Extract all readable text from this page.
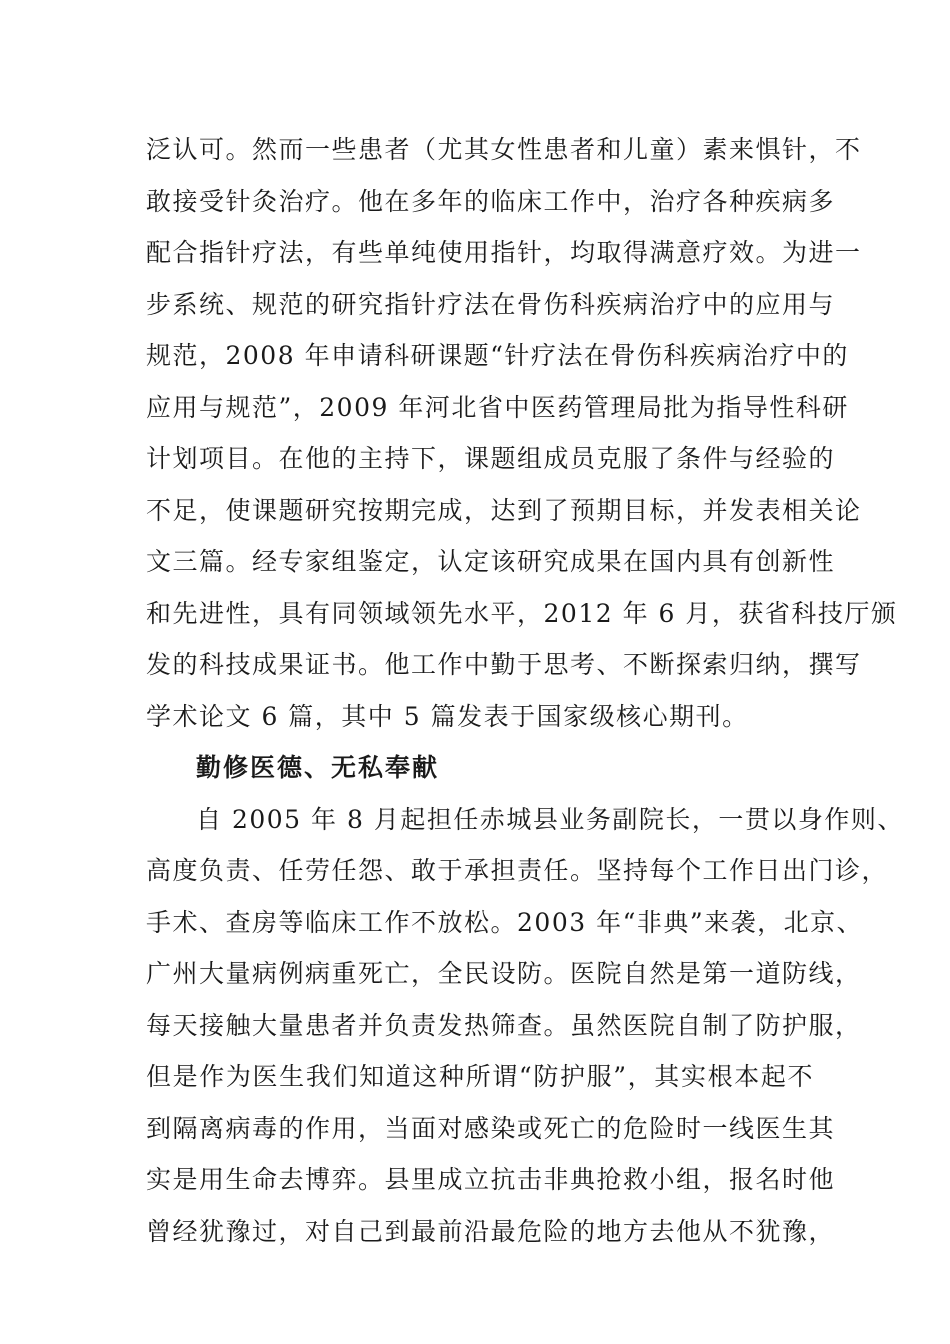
泛认可。然而一些患者（尤其女性患者和儿童）素来惧针，不
敢接受针灸治疗。他在多年的临床工作中，治疗各种疾病多
配合指针疗法，有些单纯使用指针，均取得满意疗效。为进一
步系统、规范的研究指针疗法在骨伤科疾病治疗中的应用与
规范，2008 年申请科研课题“针疗法在骨伤科疾病治疗中的
应用与规范”，2009 年河北省中医药管理局批为指导性科研
计划项目。在他的主持下，课题组成员克服了条件与经验的
不足，使课题研究按期完成，达到了预期目标，并发表相关论
文三篇。经专家组鉴定，认定该研究成果在国内具有创新性
和先进性，具有同领域领先水平，2012 年 6 月，获省科技厅颁
发的科技成果证书。他工作中勤于思考、不断探索归纳，撰写
学术论文 6 篇，其中 5 篇发表于国家级核心期刊。
勤修医德、无私奉献
自 2005 年 8 月起担任赤城县业务副院长，一贯以身作则、
高度负责、任劳任怨、敢于承担责任。坚持每个工作日出门诊，
手术、查房等临床工作不放松。2003 年“非典”来袭，北京、
广州大量病例病重死亡，全民设防。医院自然是第一道防线，
每天接触大量患者并负责发热筛查。虽然医院自制了防护服，
但是作为医生我们知道这种所谓“防护服”，其实根本起不
到隔离病毒的作用，当面对感染或死亡的危险时一线医生其
实是用生命去博弈。县里成立抗击非典抢救小组，报名时他
曾经犹豫过，对自己到最前沿最危险的地方去他从不犹豫，
